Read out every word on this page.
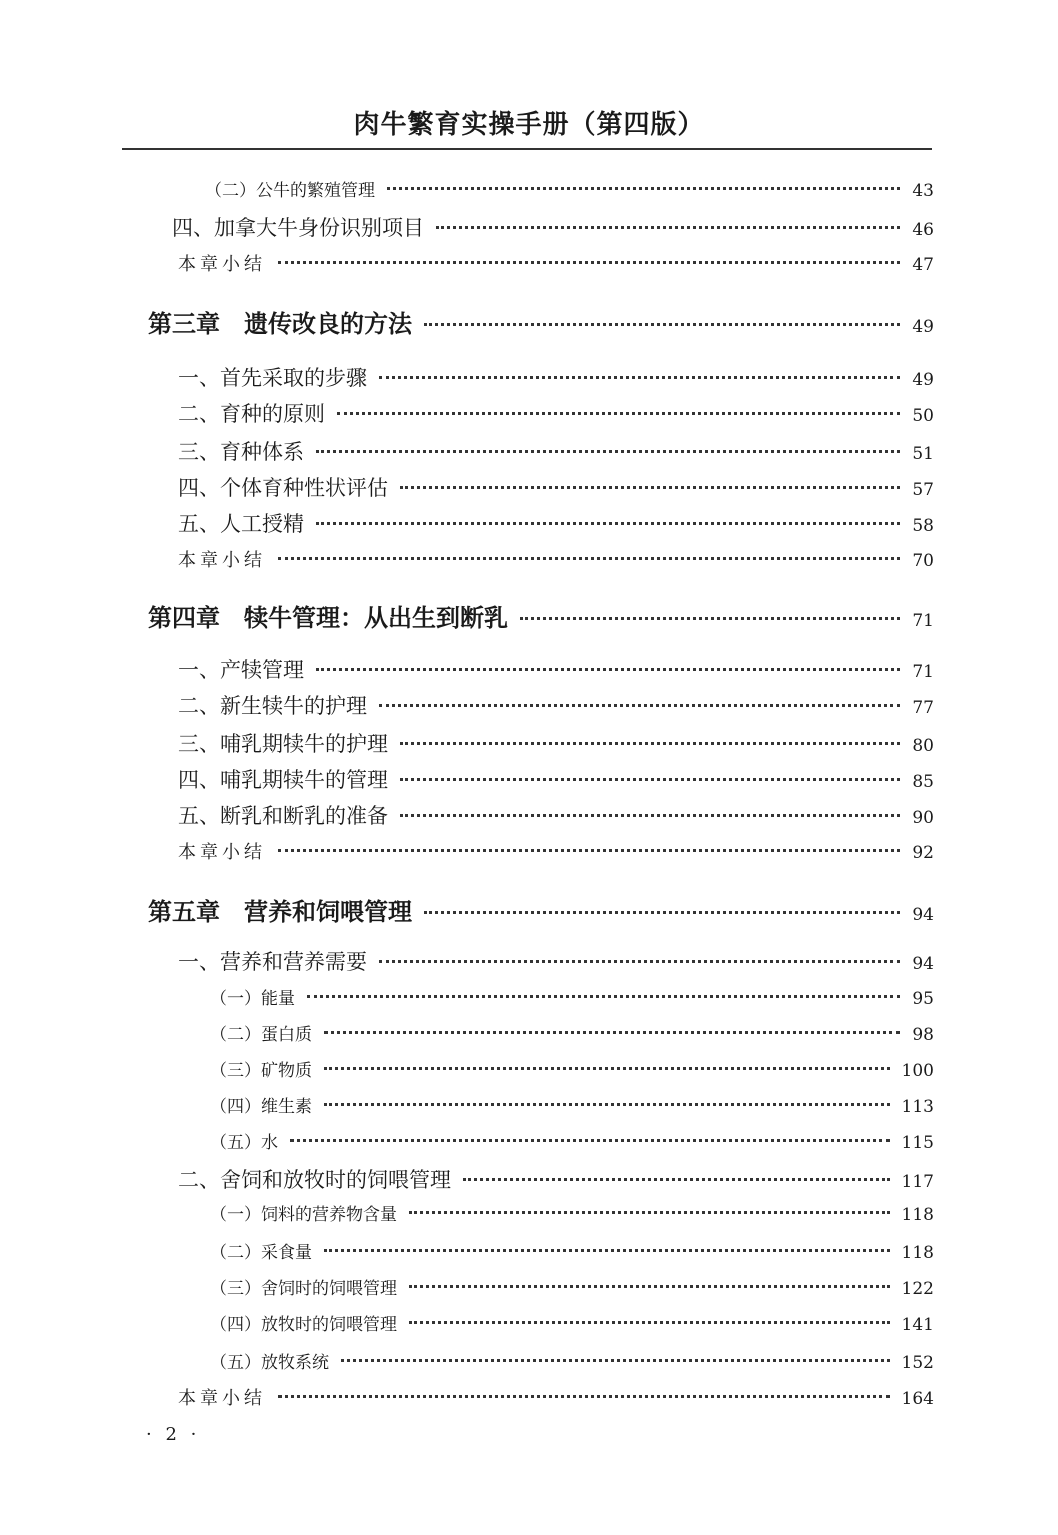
肉牛繁育实操手册（第四版）
（二）公牛的繁殖管理	43
四、加拿大牛身份识别项目	46
本章小结	47
第三章　遗传改良的方法	49
一、首先采取的步骤	49
二、育种的原则	50
三、育种体系	51
四、个体育种性状评估	57
五、人工授精	58
本章小结	70
第四章　犊牛管理：从出生到断乳	71
一、产犊管理	71
二、新生犊牛的护理	77
三、哺乳期犊牛的护理	80
四、哺乳期犊牛的管理	85
五、断乳和断乳的准备	90
本章小结	92
第五章　营养和饲喂管理	94
一、营养和营养需要	94
（一）能量	95
（二）蛋白质	98
（三）矿物质	100
（四）维生素	113
（五）水	115
二、舍饲和放牧时的饲喂管理	117
（一）饲料的营养物含量	118
（二）采食量	118
（三）舍饲时的饲喂管理	122
（四）放牧时的饲喂管理	141
（五）放牧系统	152
本章小结	164
· 2 ·
